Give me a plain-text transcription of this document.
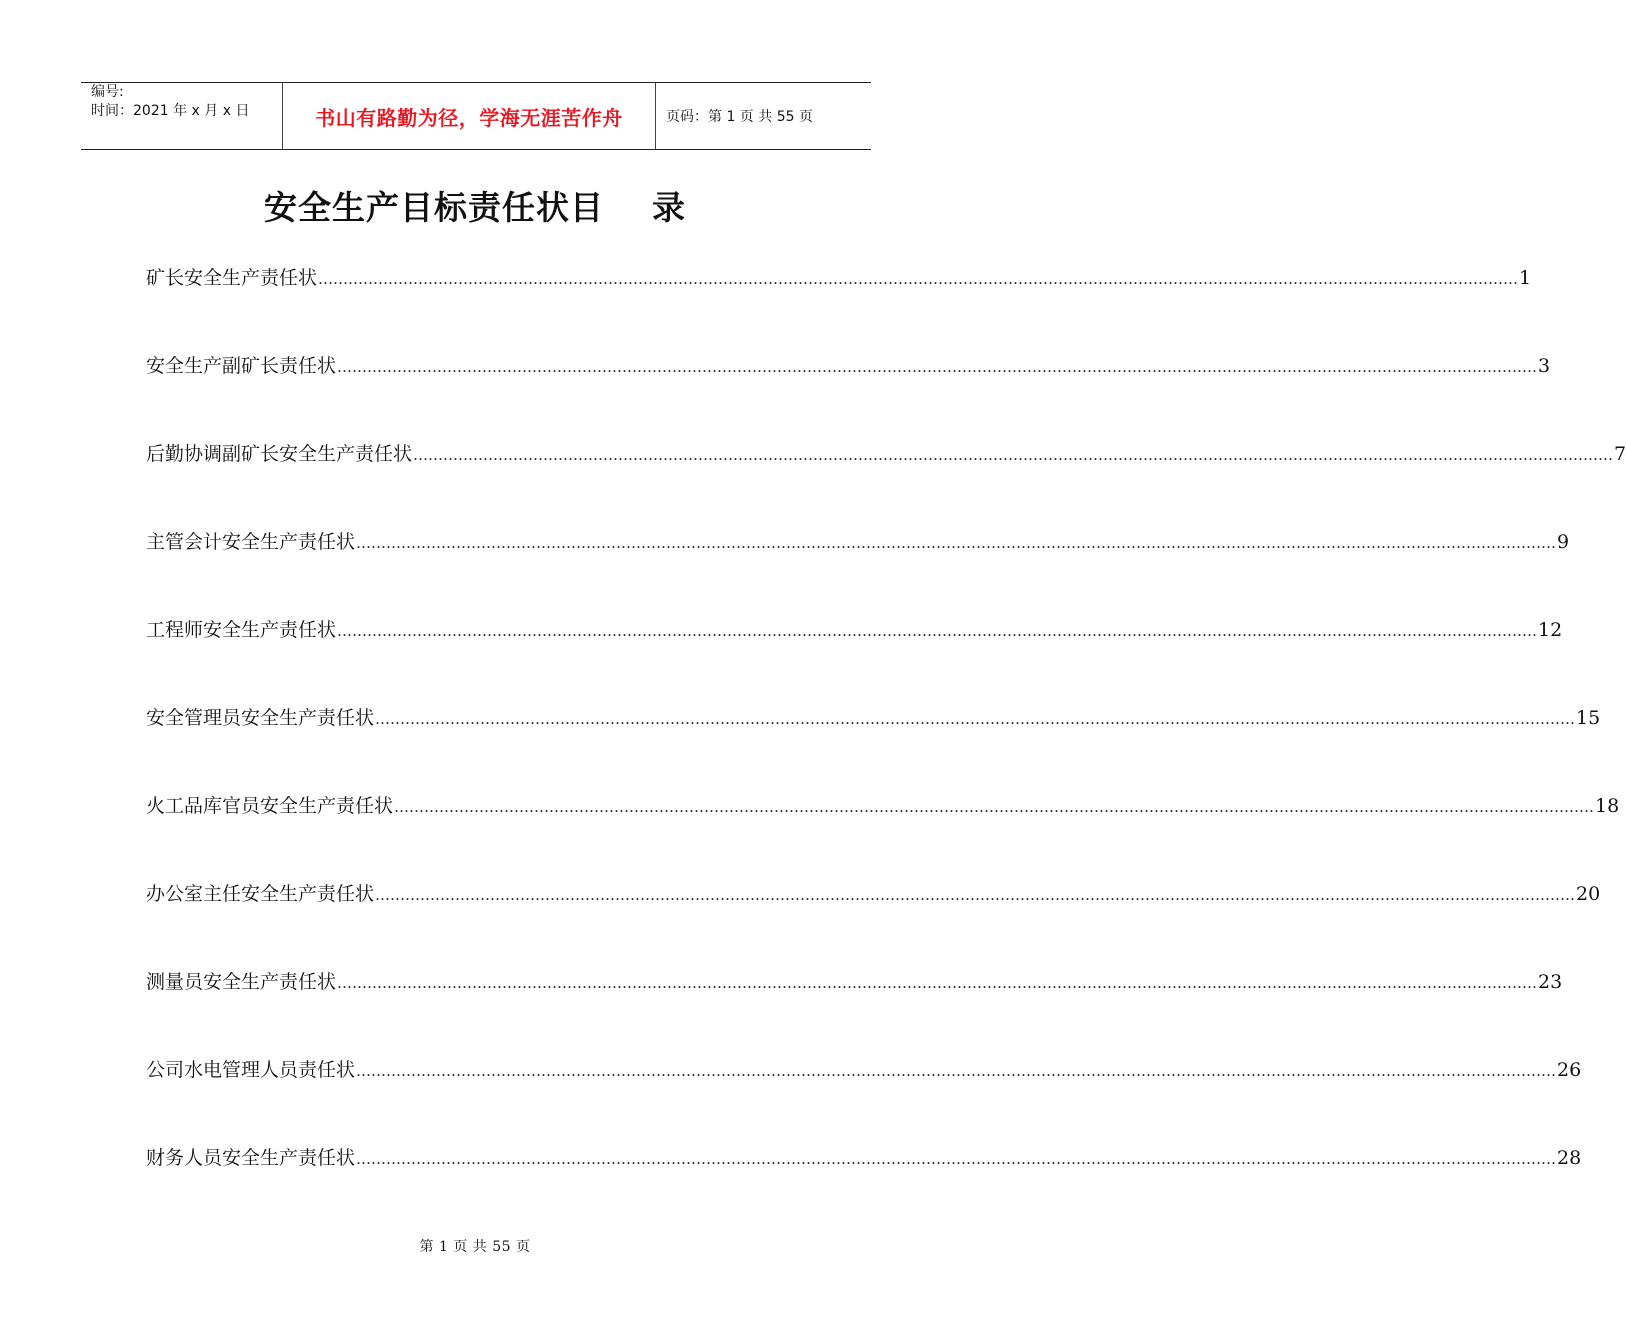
编号:
时间：2021 年 x 月 x 日	书山有路勤为径，学海无涯苦作舟	页码：第 1 页 共 55 页
安全生产目标责任状目 录
矿长安全生产责任状 …………………………………………………………………………………………………………………………………………………………………………………………………………………… 1
安全生产副矿长责任状 …………………………………………………………………………………………………………………………………………………………………………………………………………………… 3
后勤协调副矿长安全生产责任状 …………………………………………………………………………………………………………………………………………………………………………………………………………………… 7
主管会计安全生产责任状 …………………………………………………………………………………………………………………………………………………………………………………………………………………… 9
工程师安全生产责任状 …………………………………………………………………………………………………………………………………………………………………………………………………………………… 12
安全管理员安全生产责任状 …………………………………………………………………………………………………………………………………………………………………………………………………………………… 15
火工品库官员安全生产责任状 …………………………………………………………………………………………………………………………………………………………………………………………………………………… 18
办公室主任安全生产责任状 …………………………………………………………………………………………………………………………………………………………………………………………………………………… 20
测量员安全生产责任状 …………………………………………………………………………………………………………………………………………………………………………………………………………………… 23
公司水电管理人员责任状 …………………………………………………………………………………………………………………………………………………………………………………………………………………… 26
财务人员安全生产责任状 …………………………………………………………………………………………………………………………………………………………………………………………………………………… 28
第 1 页 共 55 页
